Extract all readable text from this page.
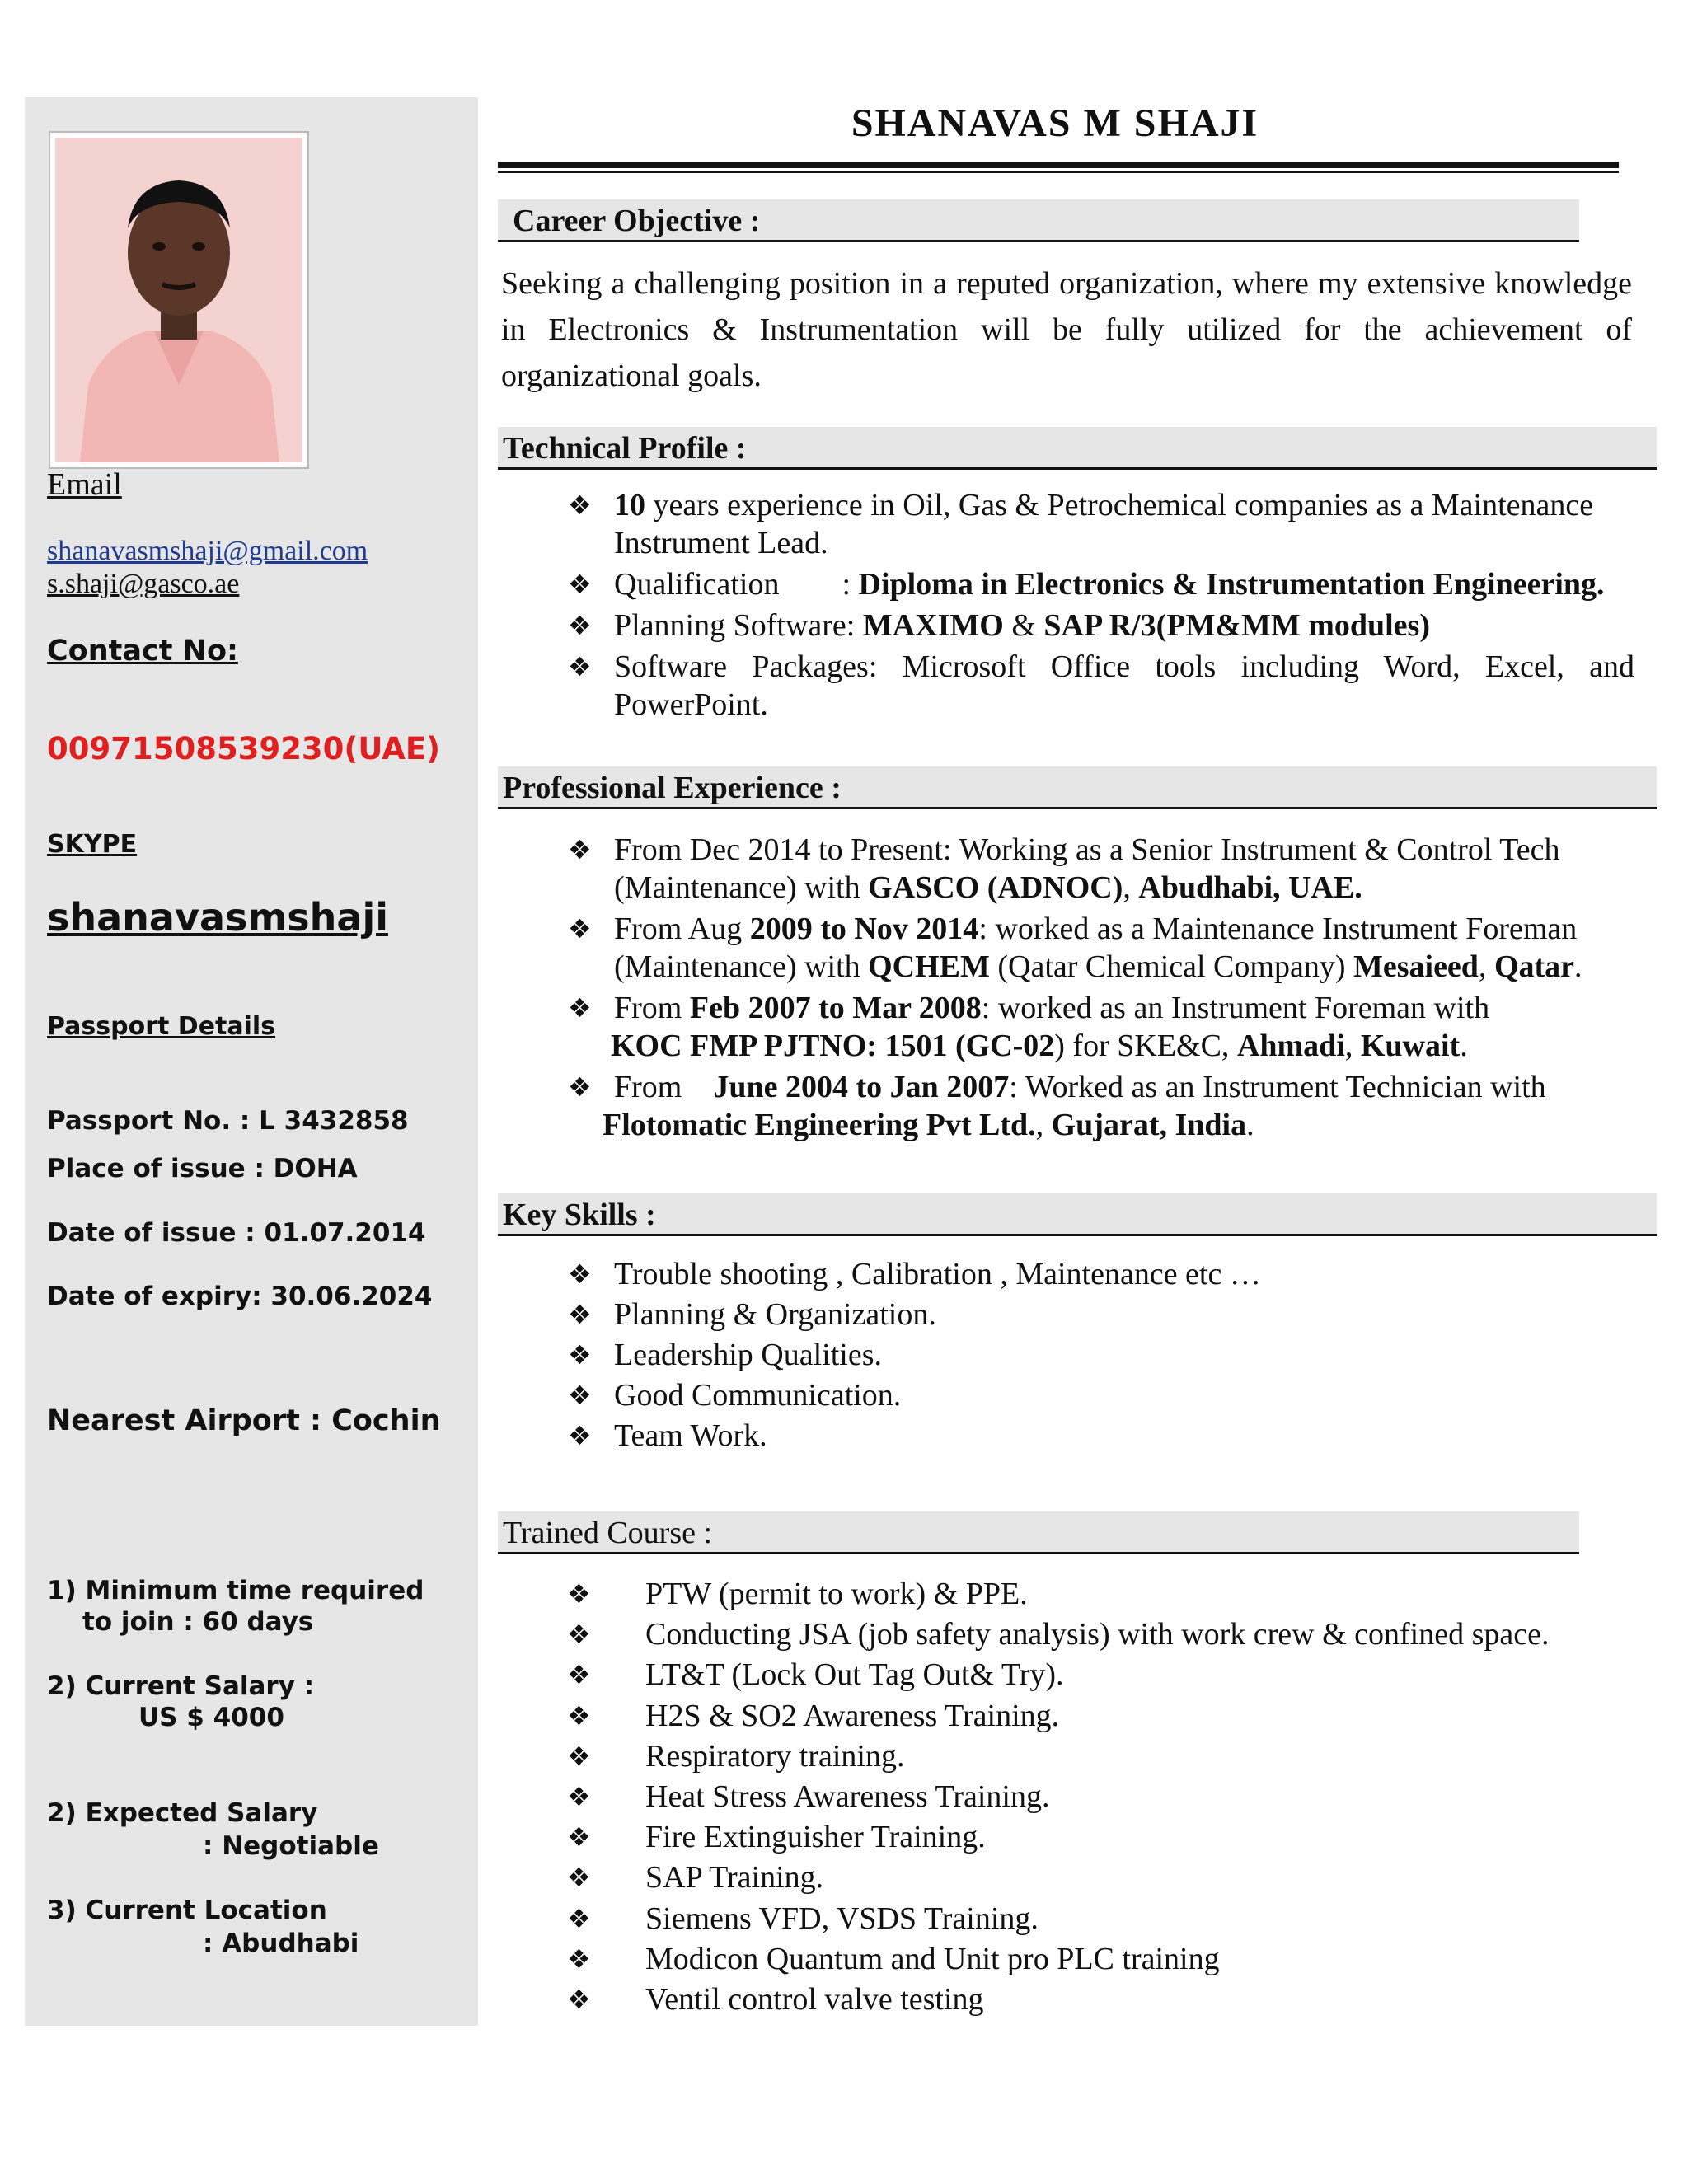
Email
shanavasmshaji@gmail.com
s.shaji@gasco.ae
Contact No:
00971508539230(UAE)
SKYPE
shanavasmshaji
Passport Details
Passport No. : L 3432858
Place of issue : DOHA
Date of issue : 01.07.2014
Date of expiry: 30.06.2024
Nearest Airport : Cochin
1) Minimum time required
to join : 60 days
2) Current Salary :
US $ 4000
2) Expected Salary
: Negotiable
3) Current Location
: Abudhabi
SHANAVAS M SHAJI
Career Objective :
Seeking a challenging position in a reputed organization, where my extensive knowledge in Electronics & Instrumentation will be fully utilized for the achievement of organizational goals.
Technical Profile :
❖ 10 years experience in Oil, Gas & Petrochemical companies as a Maintenance Instrument Lead.
❖ Qualification        : Diploma in Electronics & Instrumentation Engineering.
❖ Planning Software: MAXIMO & SAP R/3(PM&MM modules)
❖ Software Packages: Microsoft Office tools including Word, Excel, and PowerPoint.
Professional Experience :
❖ From Dec 2014 to Present: Working as a Senior Instrument & Control Tech (Maintenance) with GASCO (ADNOC), Abudhabi, UAE.
❖ From Aug 2009 to Nov 2014: worked as a Maintenance Instrument Foreman (Maintenance) with QCHEM (Qatar Chemical Company) Mesaieed, Qatar.
❖ From Feb 2007 to Mar 2008: worked as an Instrument Foreman with
KOC FMP PJTNO: 1501 (GC-02) for SKE&C, Ahmadi, Kuwait.
❖ From    June 2004 to Jan 2007: Worked as an Instrument Technician with
Flotomatic Engineering Pvt Ltd., Gujarat, India.
Key Skills :
❖ Trouble shooting , Calibration , Maintenance etc …
❖ Planning & Organization.
❖ Leadership Qualities.
❖ Good Communication.
❖ Team Work.
Trained Course :
❖ PTW (permit to work) & PPE.
❖ Conducting JSA (job safety analysis) with work crew & confined space.
❖ LT&T (Lock Out Tag Out& Try).
❖ H2S & SO2 Awareness Training.
❖ Respiratory training.
❖ Heat Stress Awareness Training.
❖ Fire Extinguisher Training.
❖ SAP Training.
❖ Siemens VFD, VSDS Training.
❖ Modicon Quantum and Unit pro PLC training
❖ Ventil control valve testing
